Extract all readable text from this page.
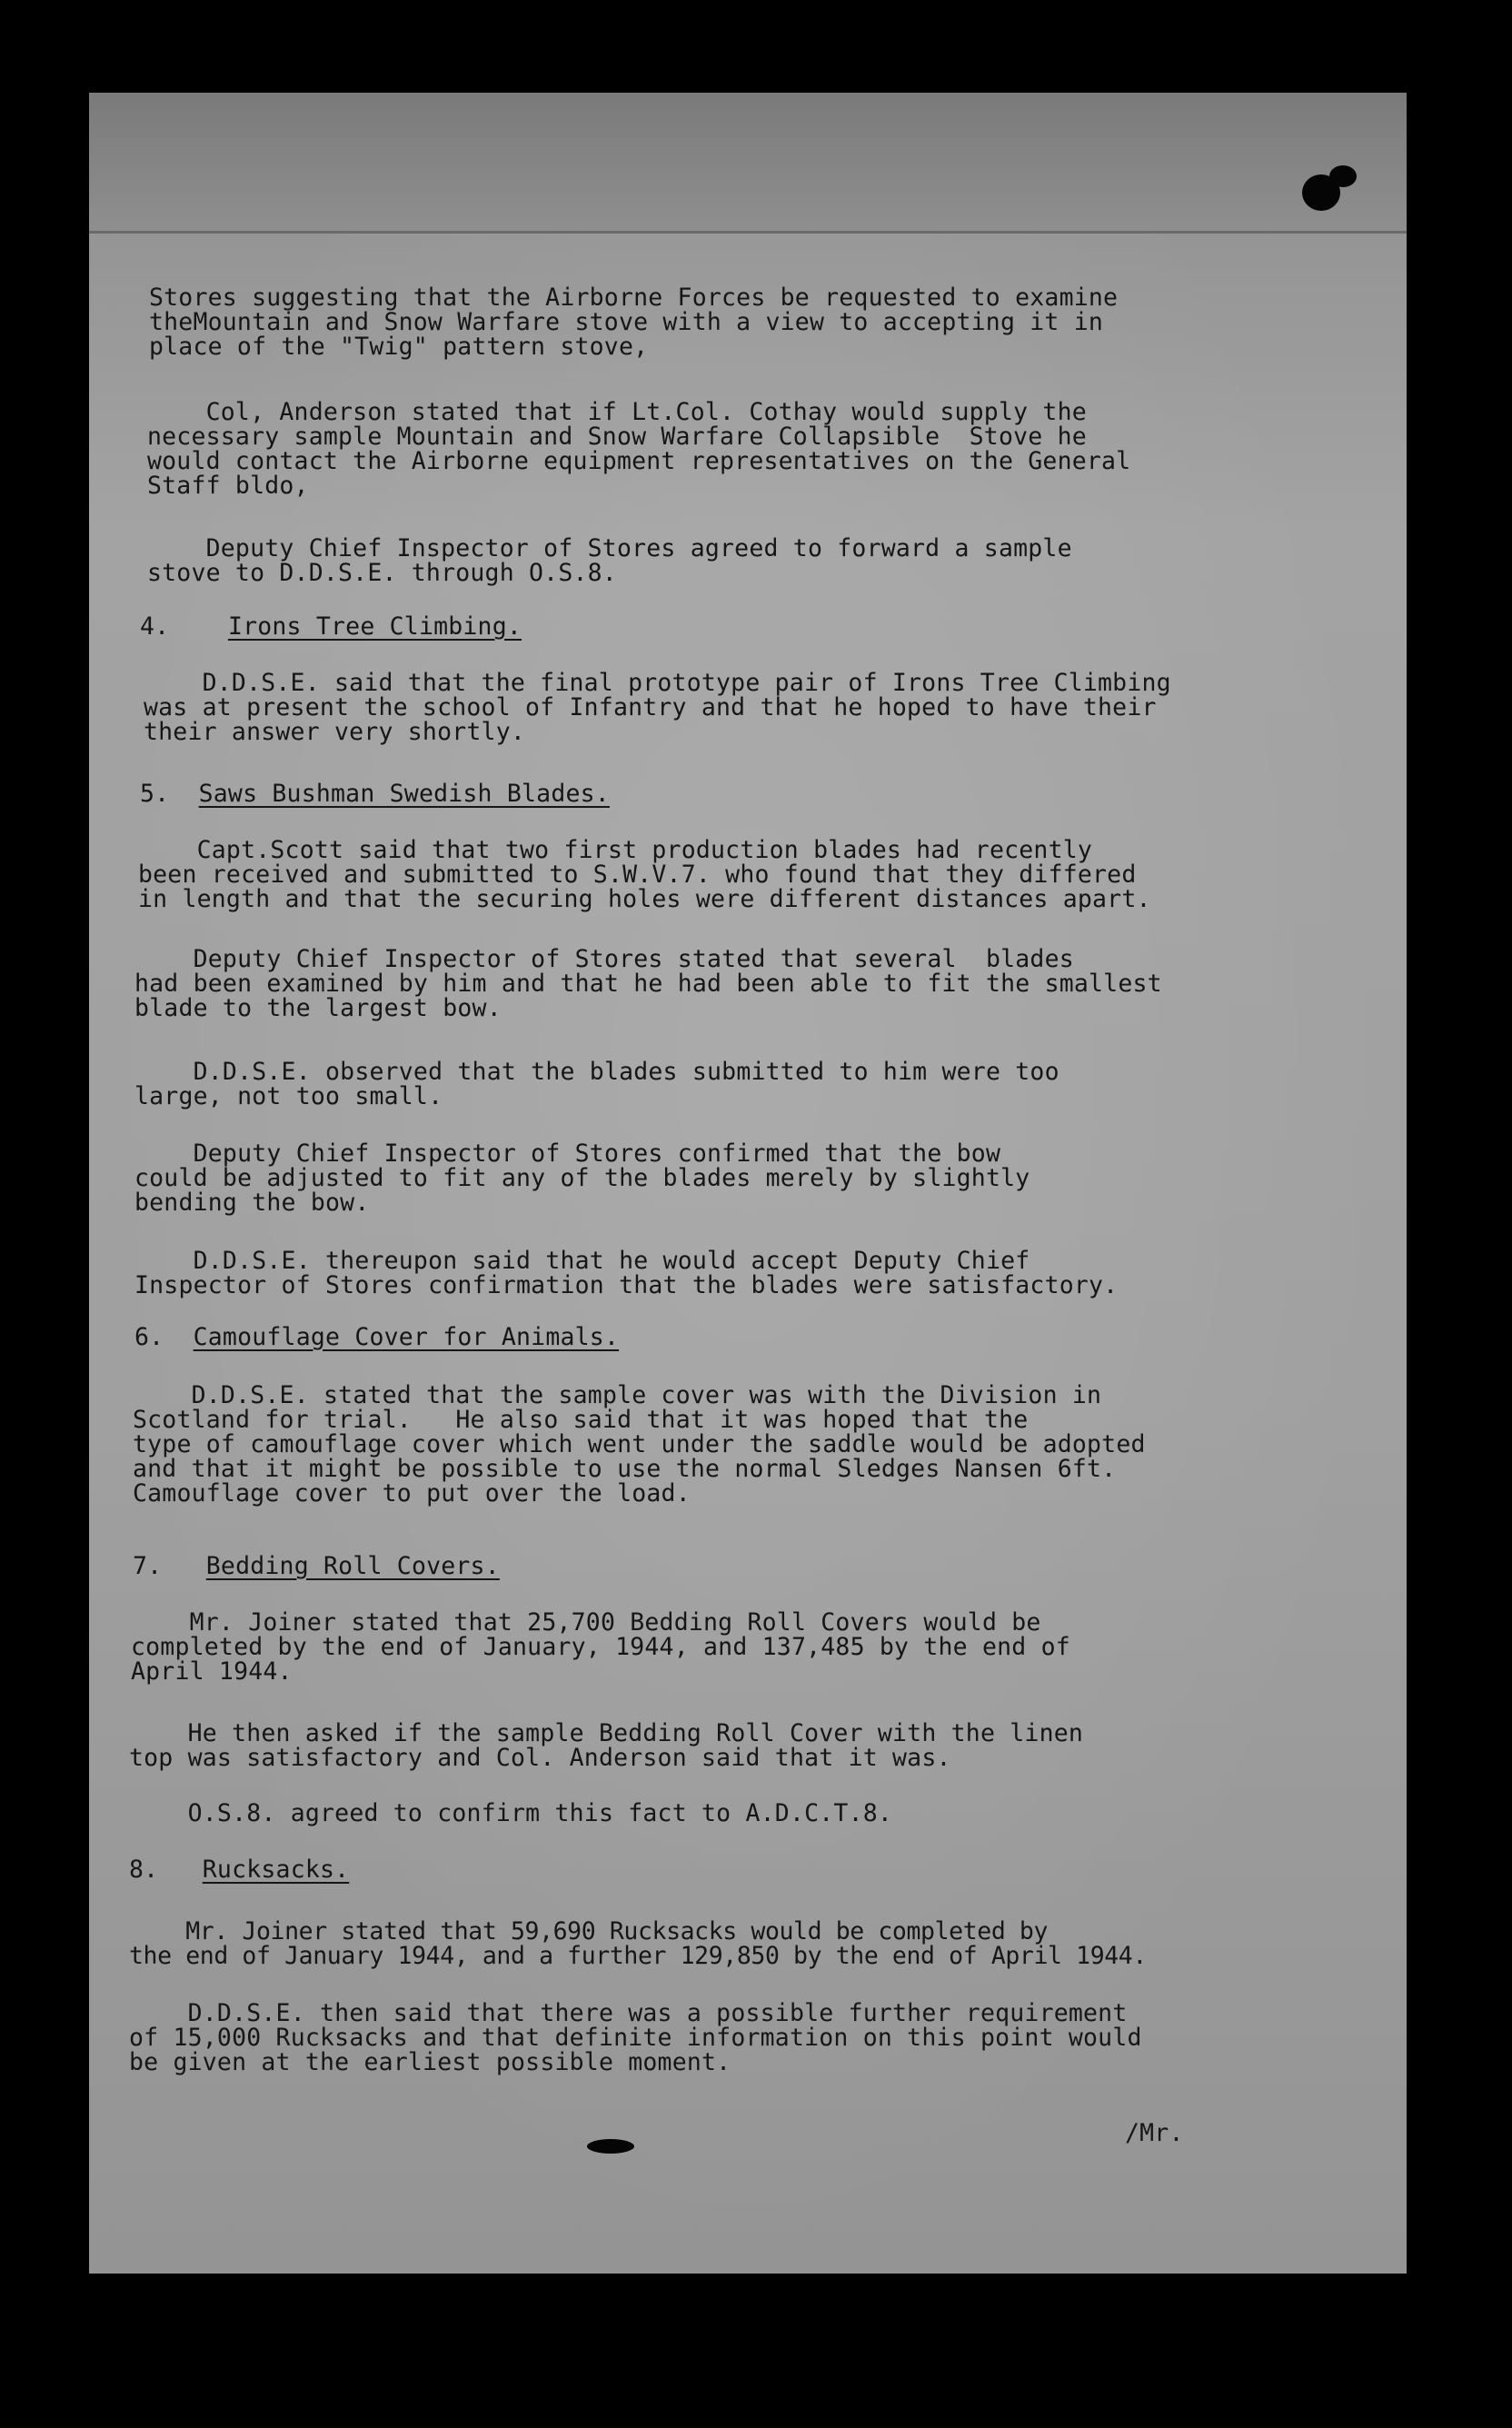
Stores suggesting that the Airborne Forces be requested to examine
theMountain and Snow Warfare stove with a view to accepting it in
place of the "Twig" pattern stove,
Col, Anderson stated that if Lt.Col. Cothay would supply the
necessary sample Mountain and Snow Warfare Collapsible  Stove he
would contact the Airborne equipment representatives on the General
Staff bldo,
Deputy Chief Inspector of Stores agreed to forward a sample
stove to D.D.S.E. through O.S.8.
4. Irons Tree Climbing.
D.D.S.E. said that the final prototype pair of Irons Tree Climbing
was at present the school of Infantry and that he hoped to have their
their answer very shortly.
5. Saws Bushman Swedish Blades.
Capt.Scott said that two first production blades had recently
been received and submitted to S.W.V.7. who found that they differed
in length and that the securing holes were different distances apart.
Deputy Chief Inspector of Stores stated that several  blades
had been examined by him and that he had been able to fit the smallest
blade to the largest bow.
D.D.S.E. observed that the blades submitted to him were too
large, not too small.
Deputy Chief Inspector of Stores confirmed that the bow
could be adjusted to fit any of the blades merely by slightly
bending the bow.
D.D.S.E. thereupon said that he would accept Deputy Chief
Inspector of Stores confirmation that the blades were satisfactory.
6. Camouflage Cover for Animals.
D.D.S.E. stated that the sample cover was with the Division in
Scotland for trial.   He also said that it was hoped that the
type of camouflage cover which went under the saddle would be adopted
and that it might be possible to use the normal Sledges Nansen 6ft.
Camouflage cover to put over the load.
7. Bedding Roll Covers.
Mr. Joiner stated that 25,700 Bedding Roll Covers would be
completed by the end of January, 1944, and 137,485 by the end of
April 1944.
He then asked if the sample Bedding Roll Cover with the linen
top was satisfactory and Col. Anderson said that it was.
O.S.8. agreed to confirm this fact to A.D.C.T.8.
8. Rucksacks.
Mr. Joiner stated that 59,690 Rucksacks would be completed by
the end of January 1944, and a further 129,850 by the end of April 1944.
D.D.S.E. then said that there was a possible further requirement
of 15,000 Rucksacks and that definite information on this point would
be given at the earliest possible moment.
/Mr.
